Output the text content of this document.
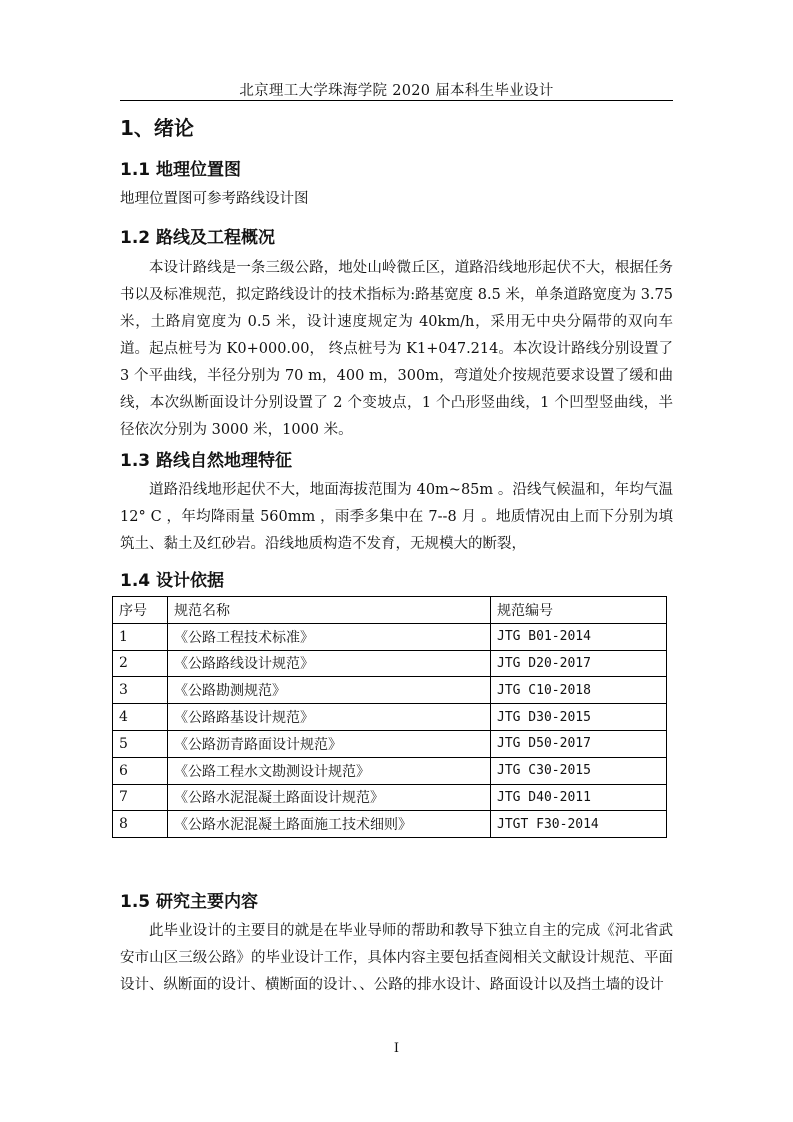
北京理工大学珠海学院 2020 届本科生毕业设计
1、绪论
1.1 地理位置图
地理位置图可参考路线设计图
1.2 路线及工程概况
本设计路线是一条三级公路，地处山岭微丘区，道路沿线地形起伏不大，根据任务书以及标准规范，拟定路线设计的技术指标为:路基宽度 8.5 米，单条道路宽度为 3.75 米，土路肩宽度为 0.5 米，设计速度规定为 40km/h，采用无中央分隔带的双向车道。起点桩号为 K0+000.00， 终点桩号为 K1+047.214。本次设计路线分别设置了 3 个平曲线，半径分别为 70 m，400 m，300m，弯道处介按规范要求设置了缓和曲线，本次纵断面设计分别设置了 2 个变坡点，1 个凸形竖曲线，1 个凹型竖曲线，半径依次分别为 3000 米，1000 米。
1.3 路线自然地理特征
道路沿线地形起伏不大，地面海拔范围为 40m~85m 。沿线气候温和，年均气温 12° C ，年均降雨量 560mm ，雨季多集中在 7--8 月 。地质情况由上而下分别为填筑土、黏土及红砂岩。沿线地质构造不发育，无规模大的断裂，
1.4 设计依据
序号	规范名称	规范编号
1	《公路工程技术标准》	JTG B01-2014
2	《公路路线设计规范》	JTG D20-2017
3	《公路勘测规范》	JTG C10-2018
4	《公路路基设计规范》	JTG D30-2015
5	《公路沥青路面设计规范》	JTG D50-2017
6	《公路工程水文勘测设计规范》	JTG C30-2015
7	《公路水泥混凝土路面设计规范》	JTG D40-2011
8	《公路水泥混凝土路面施工技术细则》	JTGT F30-2014
1.5 研究主要内容
此毕业设计的主要目的就是在毕业导师的帮助和教导下独立自主的完成《河北省武安市山区三级公路》的毕业设计工作，具体内容主要包括查阅相关文献设计规范、平面设计、纵断面的设计、横断面的设计、、公路的排水设计、路面设计以及挡土墙的设计
I
